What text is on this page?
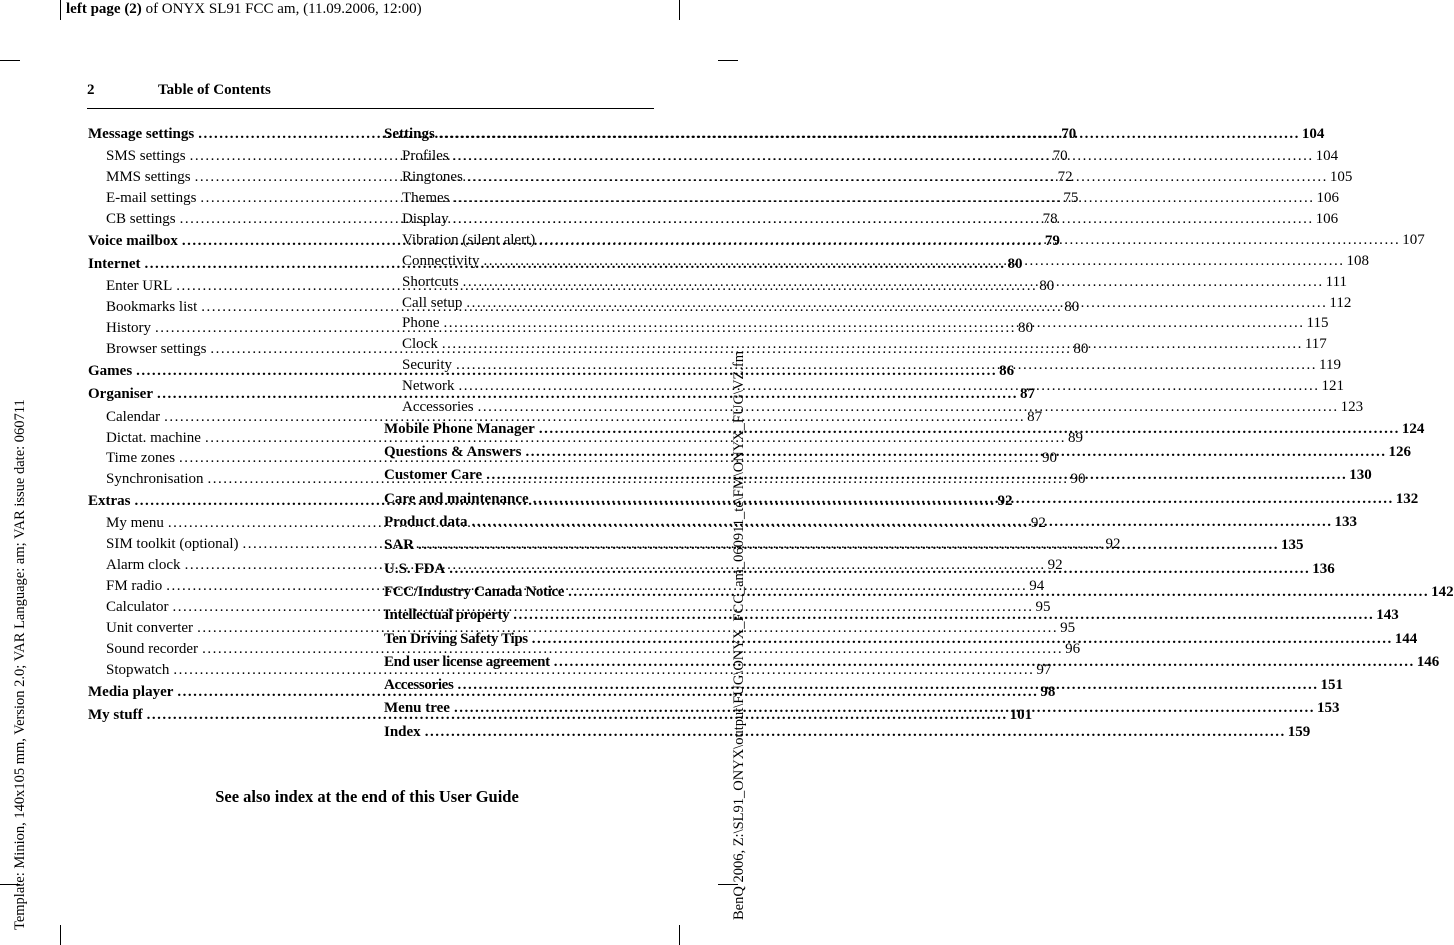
left page (2) of ONYX SL91 FCC am, (11.09.2006, 12:00)
Template: Minion, 140x105 mm, Version 2.0; VAR Language: am; VAR issue date: 060711	BenQ 2006, Z:\SL91_ONYX\output\FUG\ONYX_FCC_am_060911_te\FM\ONYX_FUG\VZ.fm
2	Table of Contents
Message settings .....	70
SMS settings .....	70
MMS settings .....	72
E-mail settings .....	75
CB settings .....	78
Voice mailbox .....	79
Internet .....	80
Enter URL .....	80
Bookmarks list .....	80
History .....	80
Browser settings .....	80
Games .....	86
Organiser .....	87
Calendar .....	87
Dictat. machine .....	89
Time zones .....	90
Synchronisation .....	90
Extras .....	92
My menu .....	92
SIM toolkit (optional) .....	92
Alarm clock .....	92
FM radio .....	94
Calculator .....	95
Unit converter .....	95
Sound recorder .....	96
Stopwatch .....	97
Media player .....	98
My stuff .....	101
Settings .....	104
Profiles .....	104
Ringtones .....	105
Themes .....	106
Display .....	106
Vibration (silent alert) .....	107
Connectivity .....	108
Shortcuts .....	111
Call setup .....	112
Phone .....	115
Clock .....	117
Security .....	119
Network .....	121
Accessories .....	123
Mobile Phone Manager .....	124
Questions & Answers .....	126
Customer Care .....	130
Care and maintenance .....	132
Product data .....	133
SAR .....	135
U.S. FDA .....	136
FCC/Industry Canada Notice .....	142
Intellectual property .....	143
Ten Driving Safety Tips .....	144
End user license agreement .....	146
Accessories .....	151
Menu tree .....	153
Index .....	159
See also index at the end of this User Guide
